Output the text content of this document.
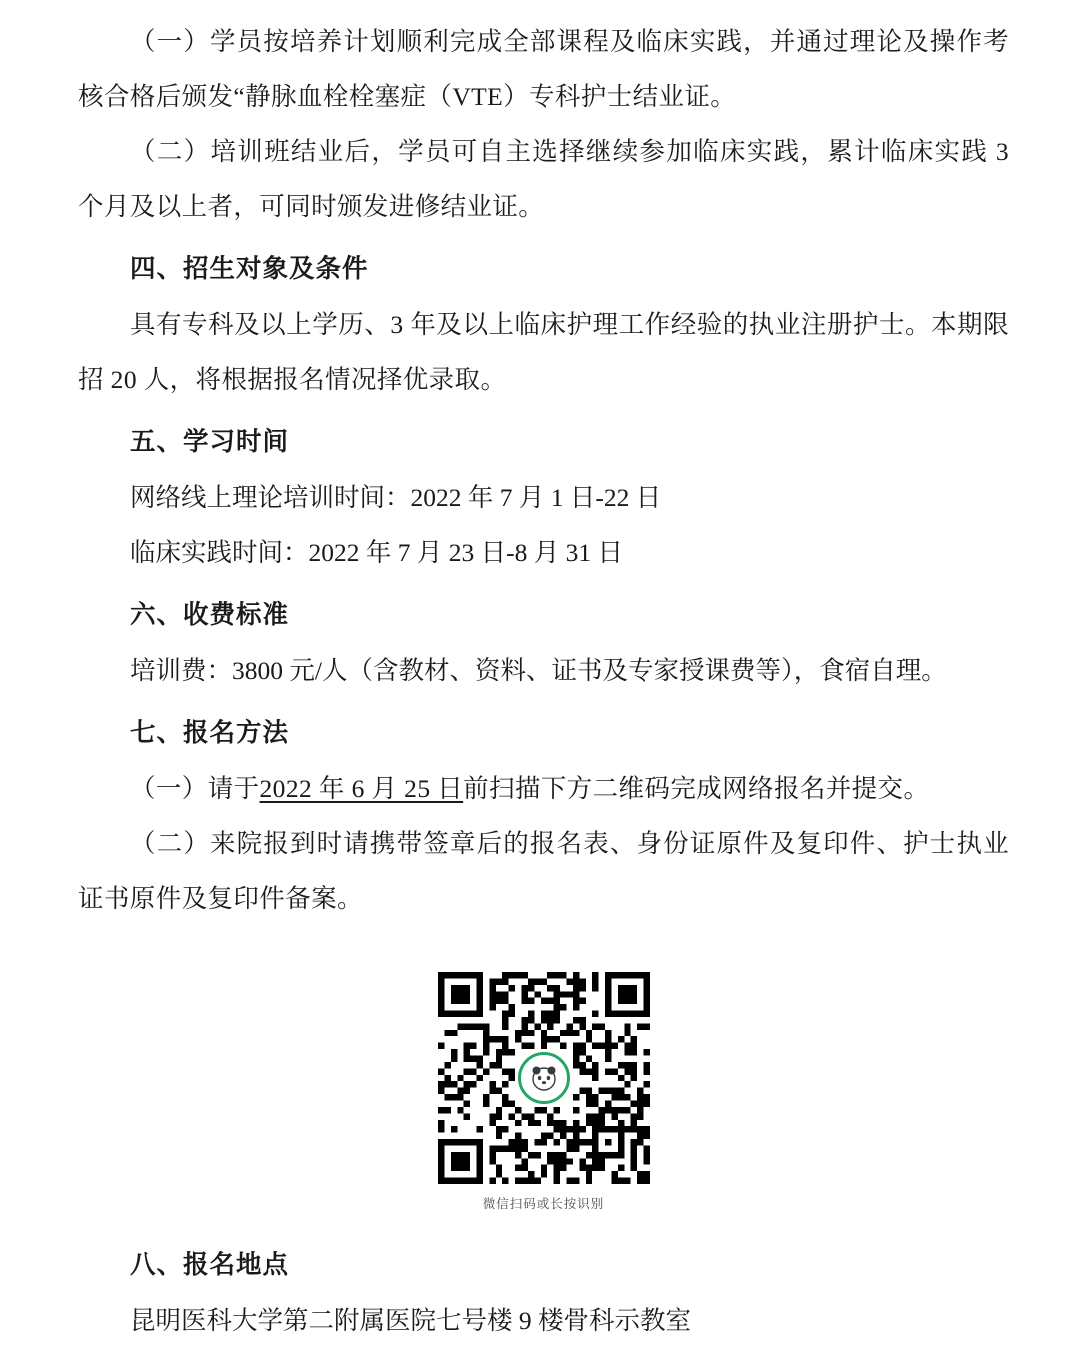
（一）学员按培养计划顺利完成全部课程及临床实践，并通过理论及操作考核合格后颁发“静脉血栓栓塞症（VTE）专科护士结业证。

（二）培训班结业后，学员可自主选择继续参加临床实践，累计临床实践 3 个月及以上者，可同时颁发进修结业证。

四、招生对象及条件

具有专科及以上学历、3 年及以上临床护理工作经验的执业注册护士。本期限招 20 人，将根据报名情况择优录取。

五、学习时间

网络线上理论培训时间：2022 年 7 月 1 日-22 日

临床实践时间：2022 年 7 月 23 日-8 月 31 日

六、收费标准

培训费：3800 元/人（含教材、资料、证书及专家授课费等），食宿自理。

七、报名方法

（一）请于2022 年 6 月 25 日前扫描下方二维码完成网络报名并提交。

（二）来院报到时请携带签章后的报名表、身份证原件及复印件、护士执业证书原件及复印件备案。

微信扫码或长按识别
八、报名地点

昆明医科大学第二附属医院七号楼 9 楼骨科示教室
